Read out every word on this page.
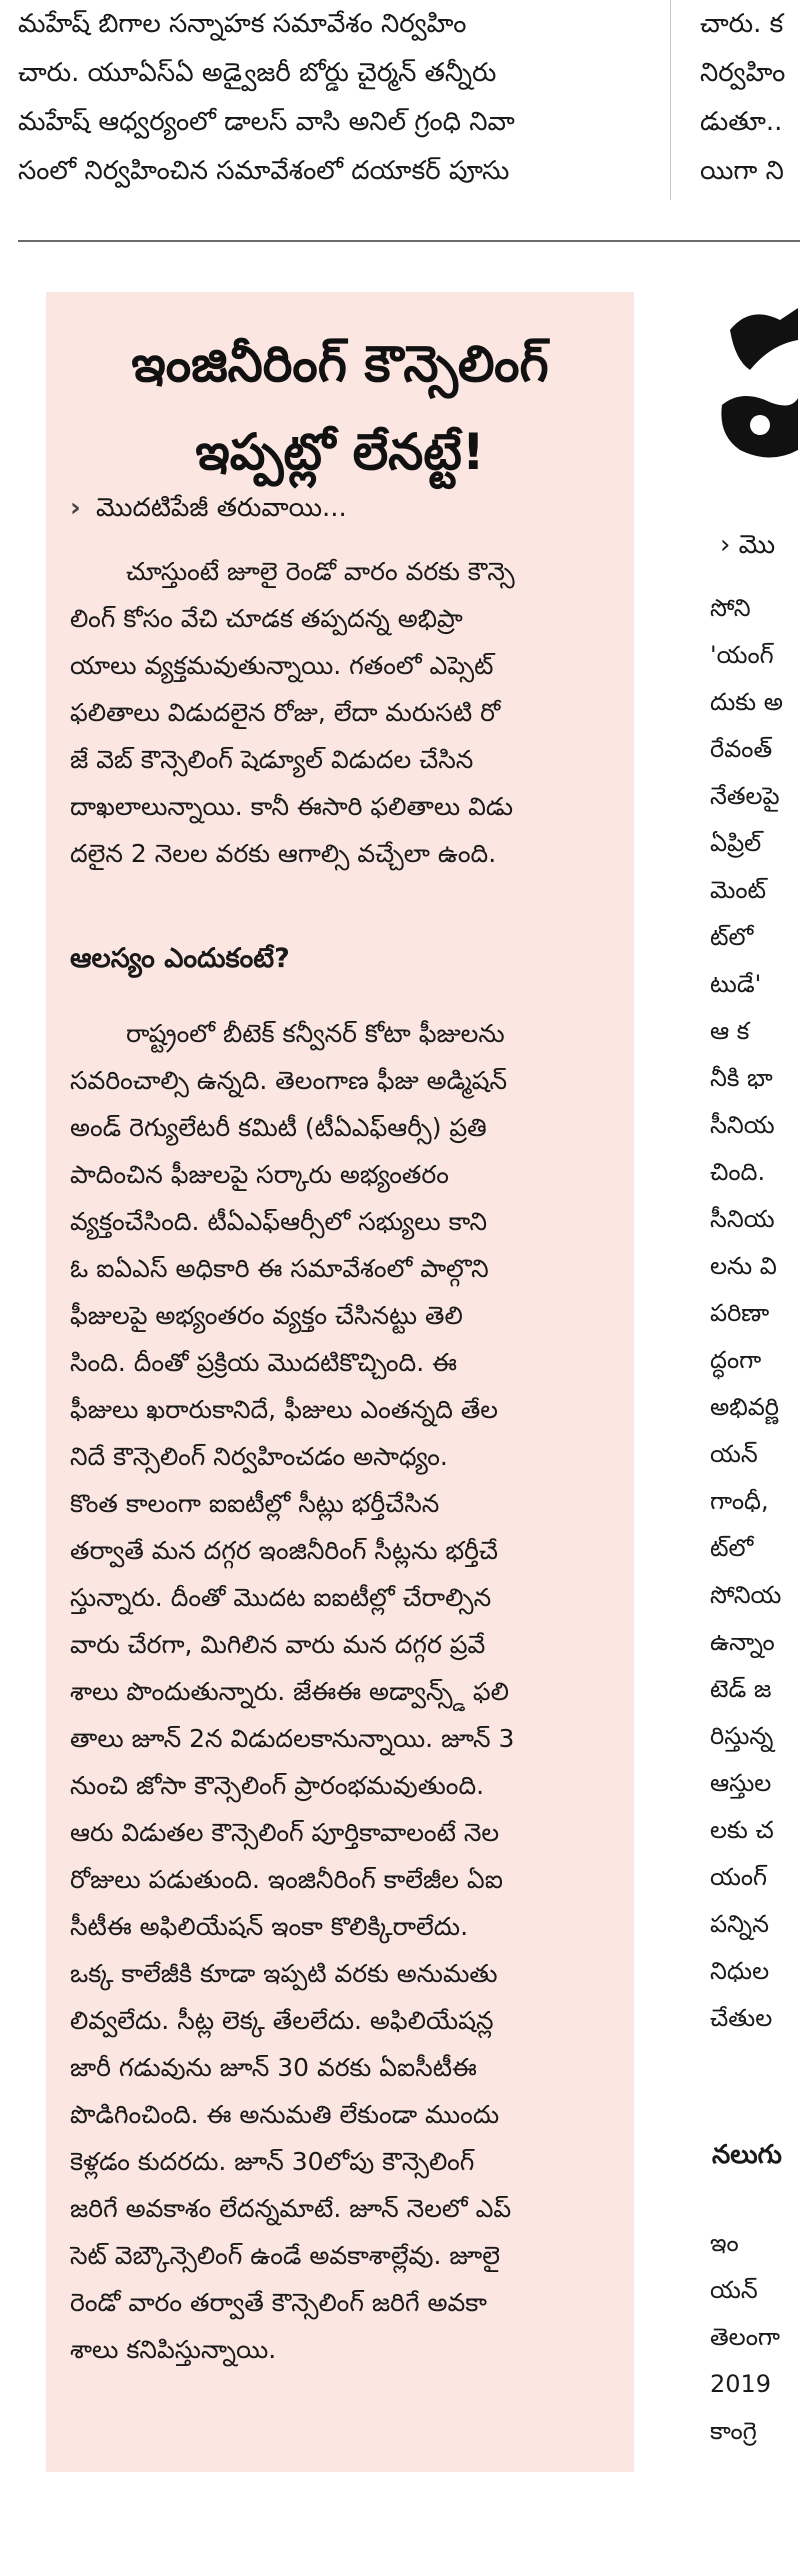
మహేష్ బిగాల సన్నాహక సమావేశం నిర్వహిం
చారు. యూఏస్ఏ అడ్వైజరీ బోర్డు చైర్మన్ తన్నీరు
మహేష్ ఆధ్వర్యంలో డాలస్ వాసి అనిల్ గ్రంధి నివా
సంలో నిర్వహించిన సమావేశంలో దయాకర్ పూసు
చారు. క
నిర్వహిం
డుతూ..
యిగా ని
ఇంజినీరింగ్ కౌన్సెలింగ్
ఇప్పట్లో లేనట్టే!
› మొదటిపేజీ తరువాయి...
చూస్తుంటే జూలై రెండో వారం వరకు కౌన్సె
లింగ్ కోసం వేచి చూడక తప్పదన్న అభిప్రా
యాలు వ్యక్తమవుతున్నాయి. గతంలో ఎప్సెట్
ఫలితాలు విడుదలైన రోజు, లేదా మరుసటి రో
జే వెబ్ కౌన్సెలింగ్ షెడ్యూల్ విడుదల చేసిన
దాఖలాలున్నాయి. కానీ ఈసారి ఫలితాలు విడు
దలైన 2 నెలల వరకు ఆగాల్సి వచ్చేలా ఉంది.
ఆలస్యం ఎందుకంటే?
రాష్ట్రంలో బీటెక్ కన్వీనర్ కోటా ఫీజులను
సవరించాల్సి ఉన్నది. తెలంగాణ ఫీజు అడ్మిషన్
అండ్ రెగ్యులేటరీ కమిటీ (టీఏఎఫ్ఆర్సీ) ప్రతి
పాదించిన ఫీజులపై సర్కారు అభ్యంతరం
వ్యక్తంచేసింది. టీఏఎఫ్ఆర్సీలో సభ్యులు కాని
ఓ ఐఏఎస్ అధికారి ఈ సమావేశంలో పాల్గొని
ఫీజులపై అభ్యంతరం వ్యక్తం చేసినట్టు తెలి
సింది. దీంతో ప్రక్రియ మొదటికొచ్చింది. ఈ
ఫీజులు ఖరారుకానిదే, ఫీజులు ఎంతన్నది తేల
నిదే కౌన్సెలింగ్ నిర్వహించడం అసాధ్యం.
కొంత కాలంగా ఐఐటీల్లో సీట్లు భర్తీచేసిన
తర్వాతే మన దగ్గర ఇంజినీరింగ్ సీట్లను భర్తీచే
స్తున్నారు. దీంతో మొదట ఐఐటీల్లో చేరాల్సిన
వారు చేరగా, మిగిలిన వారు మన దగ్గర ప్రవే
శాలు పొందుతున్నారు. జేఈఈ అడ్వాన్స్డ్ ఫలి
తాలు జూన్ 2న విడుదలకానున్నాయి. జూన్ 3
నుంచి జోసా కౌన్సెలింగ్ ప్రారంభమవుతుంది.
ఆరు విడుతల కౌన్సెలింగ్ పూర్తికావాలంటే నెల
రోజులు పడుతుంది. ఇంజినీరింగ్ కాలేజీల ఏఐ
సీటీఈ అఫిలియేషన్ ఇంకా కొలిక్కిరాలేదు.
ఒక్క కాలేజీకి కూడా ఇప్పటి వరకు అనుమతు
లివ్వలేదు. సీట్ల లెక్క తేలలేదు. అఫిలియేషన్ల
జారీ గడువును జూన్ 30 వరకు ఏఐసీటీఈ
పొడిగించింది. ఈ అనుమతి లేకుండా ముందు
కెళ్లడం కుదరదు. జూన్ 30లోపు కౌన్సెలింగ్
జరిగే అవకాశం లేదన్నమాటే. జూన్ నెలలో ఎప్
సెట్ వెబ్కౌన్సెలింగ్ ఉండే అవకాశాల్లేవు. జూలై
రెండో వారం తర్వాతే కౌన్సెలింగ్ జరిగే అవకా
శాలు కనిపిస్తున్నాయి.
› మొ
సోని
'యంగ్
దుకు అ
రేవంత్
నేతలపై
ఏప్రిల్
మెంట్
ట్‌లో
టుడే'
ఆ క
నీకి భా
సీనియ
చింది.
సీనియ
లను వి
పరిణా
ద్ధంగా
అభివర్ణి
యన్
గాంధీ,
ట్‌లో
సోనియ
ఉన్నాం
టెడ్ జ
రిస్తున్న
ఆస్తుల
లకు చ
యంగ్
పన్నిన
నిధుల
చేతుల
నలుగు
ఇం
యన్
తెలంగా
2019
కాంగ్రె
